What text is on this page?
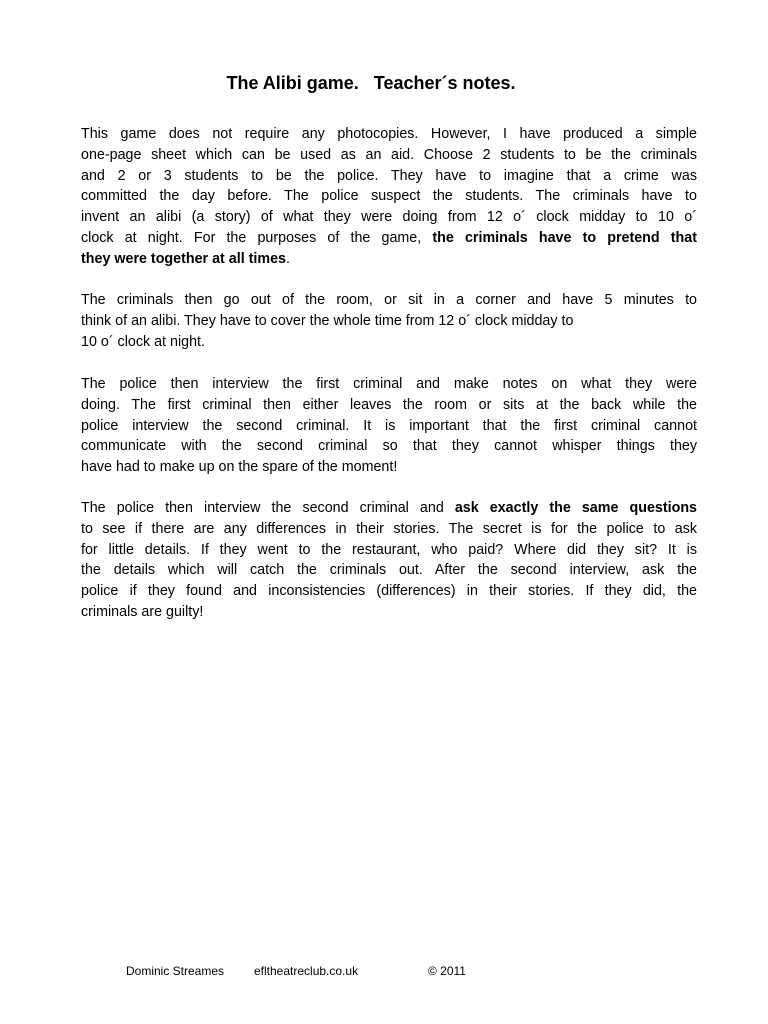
The Alibi game.   Teacher´s notes.
This game does not require any photocopies. However, I have produced a simple
one-page sheet which can be used as an aid. Choose 2 students to be the criminals
and 2 or 3 students to be the police. They have to imagine that a crime was
committed the day before. The police suspect the students. The criminals have to
invent an alibi (a story) of what they were doing from 12 o´ clock midday to 10 o´
clock at night. For the purposes of the game, the criminals have to pretend that
they were together at all times.
The criminals then go out of the room, or sit in a corner and have 5 minutes to
think of an alibi. They have to cover the whole time from 12 o´ clock midday to
10 o´ clock at night.
The police then interview the first criminal and make notes on what they were
doing. The first criminal then either leaves the room or sits at the back while the
police interview the second criminal. It is important that the first criminal cannot
communicate with the second criminal so that they cannot whisper things they
have had to make up on the spare of the moment!
The police then interview the second criminal and ask exactly the same questions
to see if there are any differences in their stories. The secret is for the police to ask
for little details. If they went to the restaurant, who paid? Where did they sit? It is
the details which will catch the criminals out. After the second interview, ask the
police if they found and inconsistencies (differences) in their stories. If they did, the
criminals are guilty!
Dominic Streames efltheatreclub.co.uk	© 2011
